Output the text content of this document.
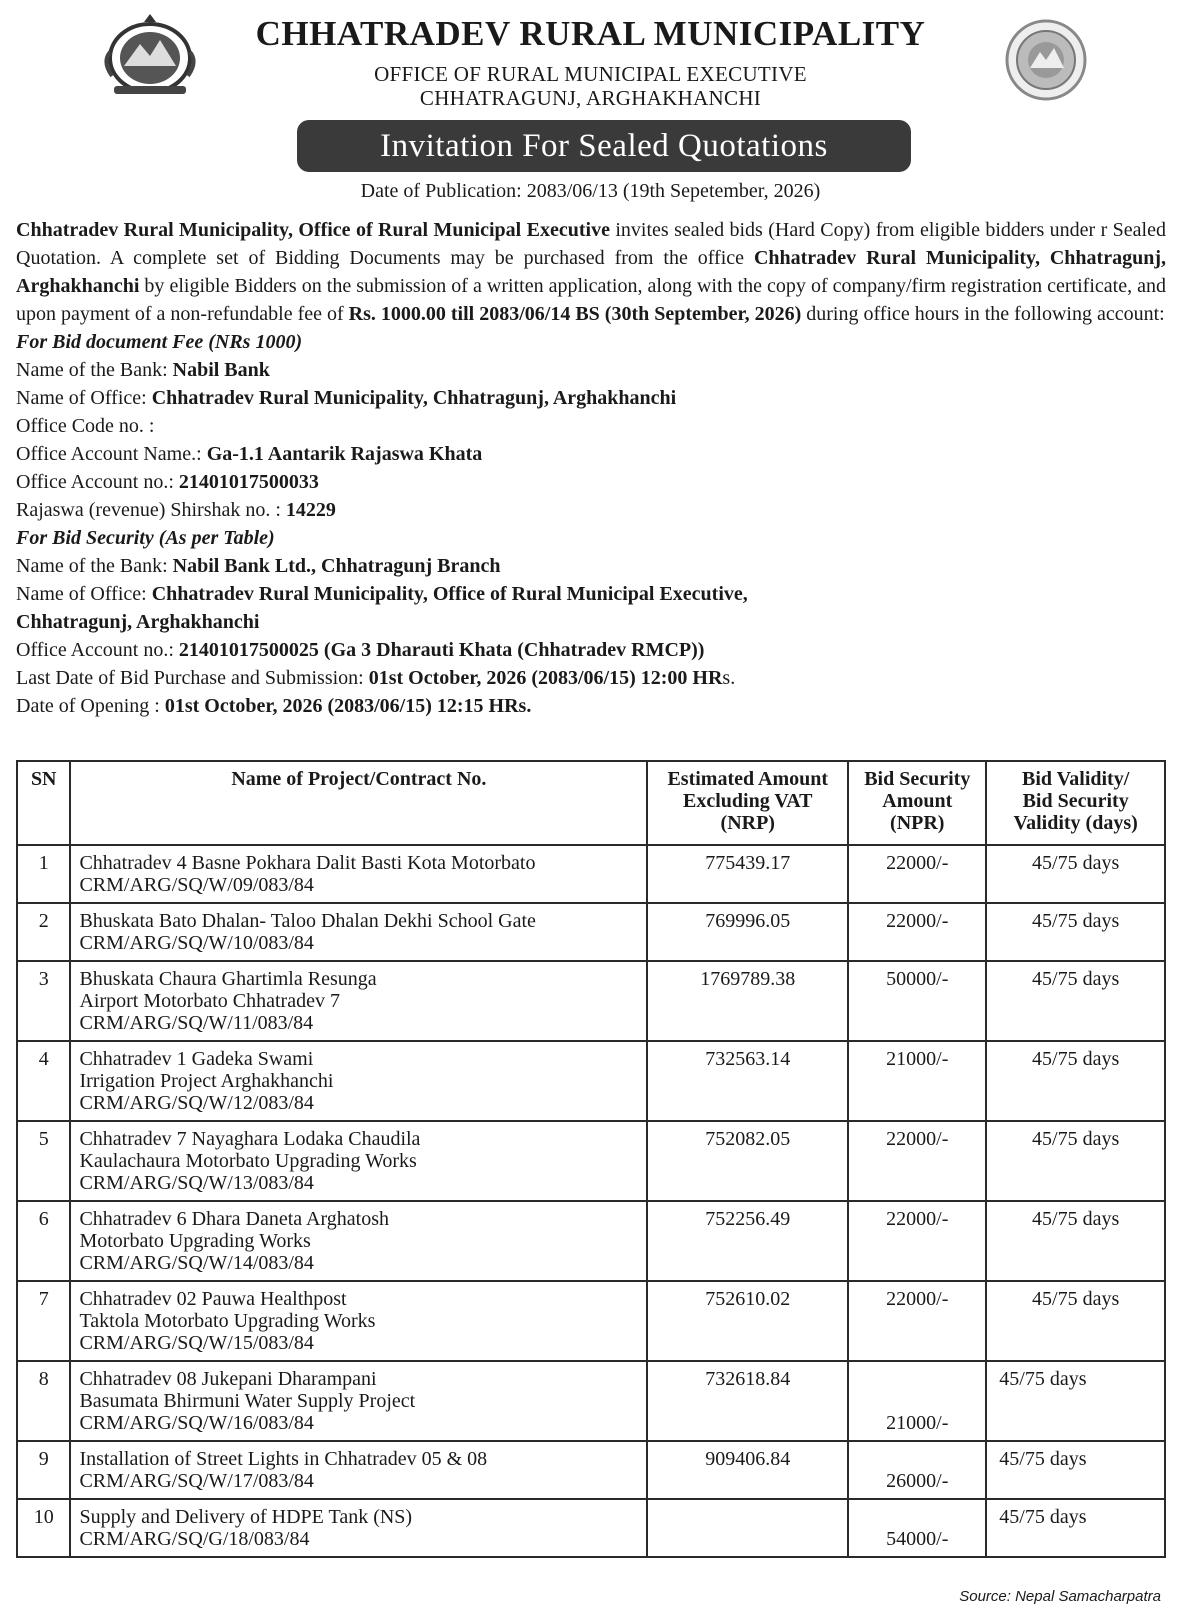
CHHATRADEV RURAL MUNICIPALITY
OFFICE OF RURAL MUNICIPAL EXECUTIVE
CHHATRAGUNJ, ARGHAKHANCHI
Invitation For Sealed Quotations
Date of Publication: 2083/06/13 (19th Sepetember, 2026)

Chhatradev Rural Municipality, Office of Rural Municipal Executive invites sealed bids (Hard Copy) from eligible bidders under r Sealed Quotation. A complete set of Bidding Documents may be purchased from the office Chhatradev Rural Municipality, Chhatragunj, Arghakhanchi by eligible Bidders on the submission of a written application, along with the copy of company/firm registration certificate, and upon payment of a non-refundable fee of Rs. 1000.00 till 2083/06/14 BS (30th September, 2026) during office hours in the following account:

For Bid document Fee (NRs 1000)

Name of the Bank: Nabil Bank

Name of Office: Chhatradev Rural Municipality, Chhatragunj, Arghakhanchi

Office Code no. :

Office Account Name.: Ga-1.1 Aantarik Rajaswa Khata

Office Account no.: 21401017500033

Rajaswa (revenue) Shirshak no. : 14229

For Bid Security (As per Table)

Name of the Bank: Nabil Bank Ltd., Chhatragunj Branch

Name of Office: Chhatradev Rural Municipality, Office of Rural Municipal Executive,

Chhatragunj, Arghakhanchi

Office Account no.: 21401017500025 (Ga 3 Dharauti Khata (Chhatradev RMCP))

Last Date of Bid Purchase and Submission: 01st October, 2026 (2083/06/15) 12:00 HRs.

Date of Opening : 01st October, 2026 (2083/06/15) 12:15 HRs.

SN	Name of Project/Contract No.	Estimated Amount
Excluding VAT
(NRP)	Bid Security
Amount
(NPR)	Bid Validity/
Bid Security
Validity (days)
1	Chhatradev 4 Basne Pokhara Dalit Basti Kota Motorbato
CRM/ARG/SQ/W/09/083/84	775439.17	22000/-	45/75 days
2	Bhuskata Bato Dhalan- Taloo Dhalan Dekhi School Gate
CRM/ARG/SQ/W/10/083/84	769996.05	22000/-	45/75 days
3	Bhuskata Chaura Ghartimla Resunga
Airport Motorbato Chhatradev 7
CRM/ARG/SQ/W/11/083/84	1769789.38	50000/-	45/75 days
4	Chhatradev 1 Gadeka Swami
Irrigation Project Arghakhanchi
CRM/ARG/SQ/W/12/083/84	732563.14	21000/-	45/75 days
5	Chhatradev 7 Nayaghara Lodaka Chaudila
Kaulachaura Motorbato Upgrading Works
CRM/ARG/SQ/W/13/083/84	752082.05	22000/-	45/75 days
6	Chhatradev 6 Dhara Daneta Arghatosh
Motorbato Upgrading Works
CRM/ARG/SQ/W/14/083/84	752256.49	22000/-	45/75 days
7	Chhatradev 02 Pauwa Healthpost
Taktola Motorbato Upgrading Works
CRM/ARG/SQ/W/15/083/84	752610.02	22000/-	45/75 days
8	Chhatradev 08 Jukepani Dharampani
Basumata Bhirmuni Water Supply Project
CRM/ARG/SQ/W/16/083/84	732618.84	21000/-	45/75 days
9	Installation of Street Lights in Chhatradev 05 & 08
CRM/ARG/SQ/W/17/083/84	909406.84	26000/-	45/75 days
10	Supply and Delivery of HDPE Tank (NS)
CRM/ARG/SQ/G/18/083/84		54000/-	45/75 days
Source: Nepal Samacharpatra
